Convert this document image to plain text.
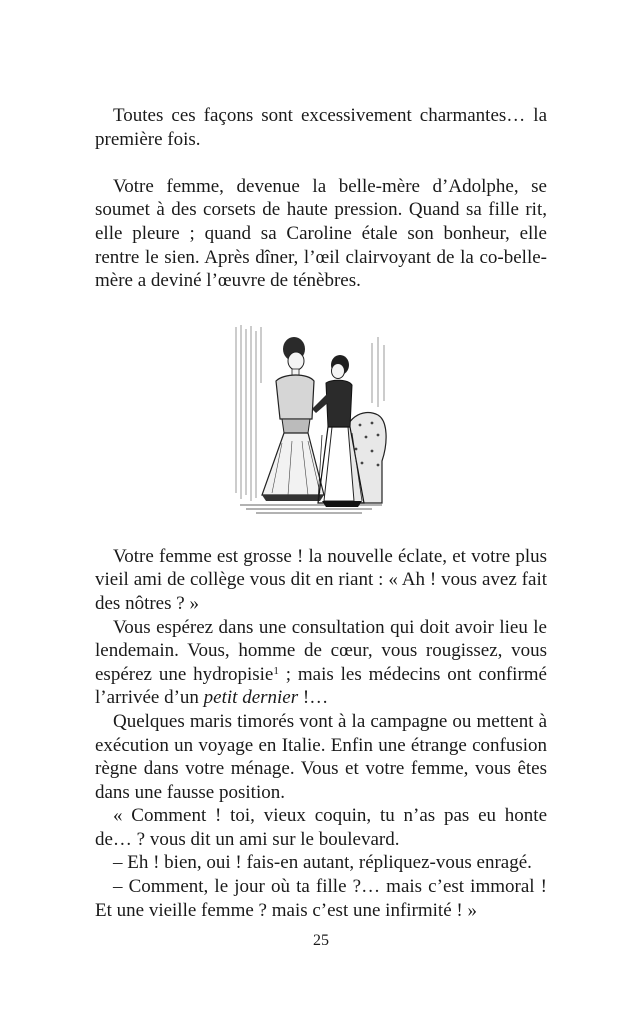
Toutes ces façons sont excessivement charmantes… la première fois.

Votre femme, devenue la belle-mère d’Adolphe, se soumet à des corsets de haute pression. Quand sa fille rit, elle pleure ; quand sa Caroline étale son bonheur, elle rentre le sien. Après dîner, l’œil clairvoyant de la co-belle-mère a deviné l’œuvre de ténèbres.

Votre femme est grosse ! la nouvelle éclate, et votre plus vieil ami de collège vous dit en riant : « Ah ! vous avez fait des nôtres ? »

Vous espérez dans une consultation qui doit avoir lieu le lendemain. Vous, homme de cœur, vous rougissez, vous espérez une hydropisie$^1$ ; mais les médecins ont confirmé l’arrivée d’un petit dernier !…

Quelques maris timorés vont à la campagne ou mettent à exécution un voyage en Italie. Enfin une étrange confusion règne dans votre ménage. Vous et votre femme, vous êtes dans une fausse position.

« Comment ! toi, vieux coquin, tu n’as pas eu honte de… ? vous dit un ami sur le boulevard.

– Eh ! bien, oui ! fais-en autant, répliquez-vous enragé.

– Comment, le jour où ta fille ?… mais c’est immoral ! Et une vieille femme ? mais c’est une infirmité ! »

25
